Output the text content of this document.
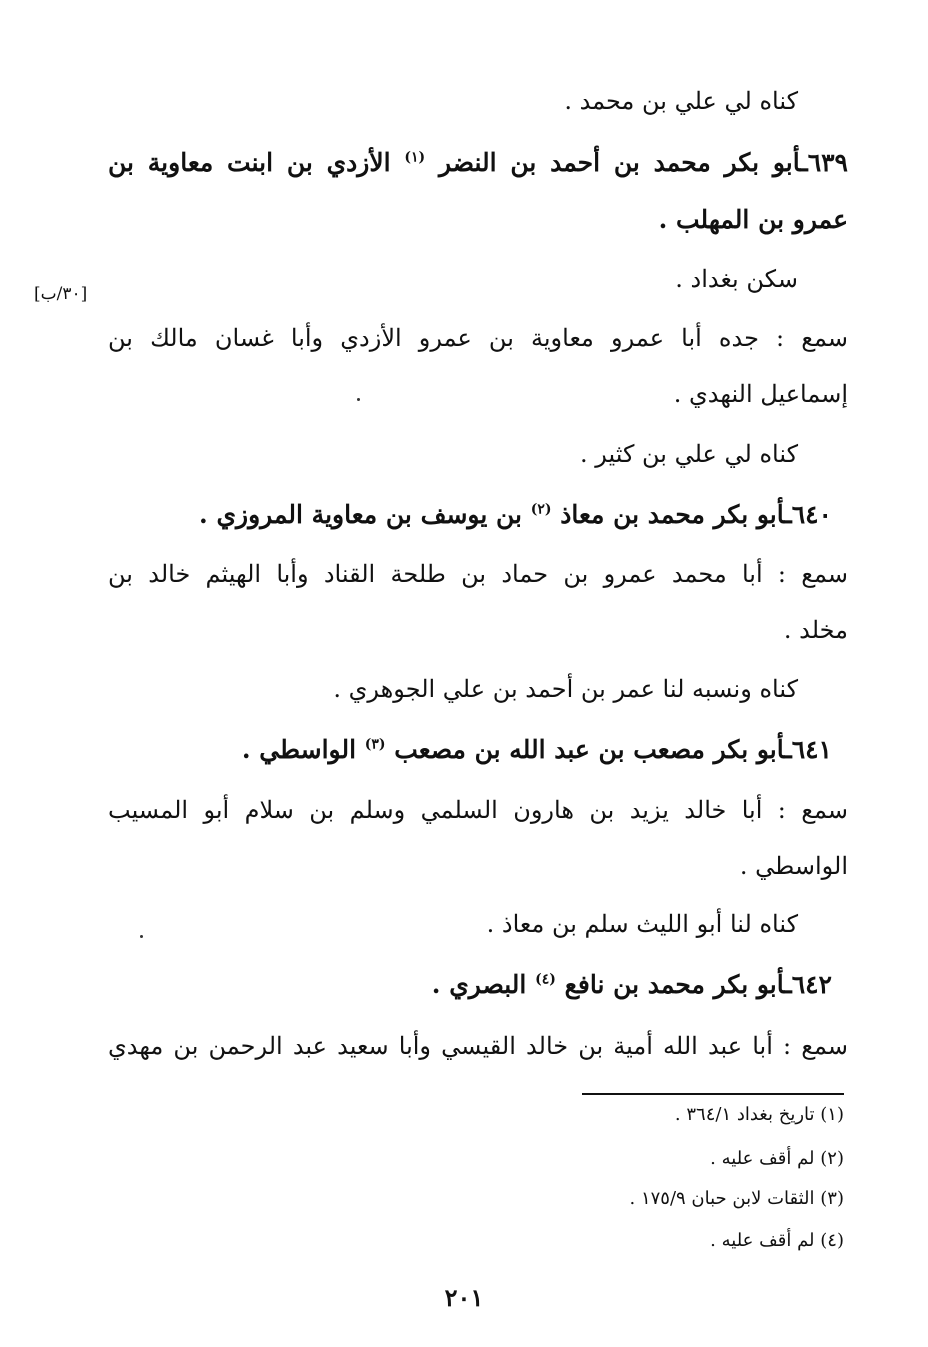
كناه لي علي بن محمد .
٦٣٩ـأبو بكر محمد بن أحمد بن النضر $^{(١)}$ الأزدي بن ابنت معاوية بن
عمرو بن المهلب .
سكن بغداد .
[٣٠/ب]
سمع : جده أبا عمرو معاوية بن عمرو الأزدي وأبا غسان مالك بن
إسماعيل النهدي .
كناه لي علي بن كثير .
٦٤٠ـأبو بكر محمد بن معاذ $^{(٢)}$ بن يوسف بن معاوية المروزي .
سمع : أبا محمد عمرو بن حماد بن طلحة القناد وأبا الهيثم خالد بن
مخلد .
كناه ونسبه لنا عمر بن أحمد بن علي الجوهري .
٦٤١ـأبو بكر مصعب بن عبد الله بن مصعب $^{(٣)}$ الواسطي .
سمع : أبا خالد يزيد بن هارون السلمي وسلم بن سلام أبو المسيب
الواسطي .
كناه لنا أبو الليث سلم بن معاذ .
٦٤٢ـأبو بكر محمد بن نافع $^{(٤)}$ البصري .
سمع : أبا عبد الله أمية بن خالد القيسي وأبا سعيد عبد الرحمن بن مهدي
(١) تاريخ بغداد ٣٦٤/١ .
(٢) لم أقف عليه .
(٣) الثقات لابن حبان ١٧٥/٩ .
(٤) لم أقف عليه .
٢٠١
